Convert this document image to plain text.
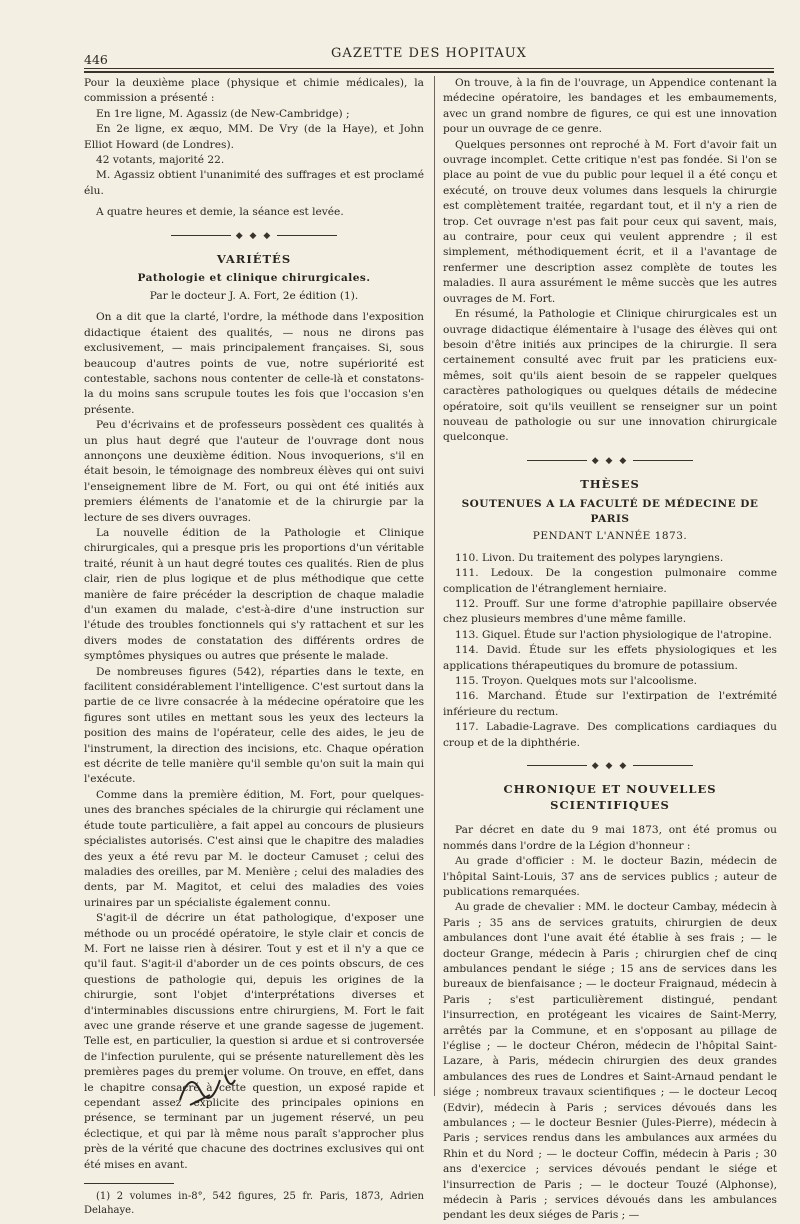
446	GAZETTE DES HOPITAUX

Pour la deuxième place (physique et chimie médicales), la commission a présenté :

En 1re ligne, M. Agassiz (de New-Cambridge) ;

En 2e ligne, ex æquo, MM. De Vry (de la Haye), et John Elliot Howard (de Londres).

42 votants, majorité 22.

M. Agassiz obtient l'unanimité des suffrages et est proclamé élu.

A quatre heures et demie, la séance est levée.

◆ ◆ ◆
VARIÉTÉS
Pathologie et clinique chirurgicales.

Par le docteur J. A. Fort, 2e édition (1).

On a dit que la clarté, l'ordre, la méthode dans l'exposition didactique étaient des qualités, — nous ne dirons pas exclusivement, — mais principalement françaises. Si, sous beaucoup d'autres points de vue, notre supériorité est contestable, sachons nous contenter de celle-là et constatons-la du moins sans scrupule toutes les fois que l'occasion s'en présente.

Peu d'écrivains et de professeurs possèdent ces qualités à un plus haut degré que l'auteur de l'ouvrage dont nous annonçons une deuxième édition. Nous invoquerions, s'il en était besoin, le témoignage des nombreux élèves qui ont suivi l'enseignement libre de M. Fort, ou qui ont été initiés aux premiers éléments de l'anatomie et de la chirurgie par la lecture de ses divers ouvrages.

La nouvelle édition de la Pathologie et Clinique chirurgicales, qui a presque pris les proportions d'un véritable traité, réunit à un haut degré toutes ces qualités. Rien de plus clair, rien de plus logique et de plus méthodique que cette manière de faire précéder la description de chaque maladie d'un examen du malade, c'est-à-dire d'une instruction sur l'étude des troubles fonctionnels qui s'y rattachent et sur les divers modes de constatation des différents ordres de symptômes physiques ou autres que présente le malade.

De nombreuses figures (542), réparties dans le texte, en facilitent considérablement l'intelligence. C'est surtout dans la partie de ce livre consacrée à la médecine opératoire que les figures sont utiles en mettant sous les yeux des lecteurs la position des mains de l'opérateur, celle des aides, le jeu de l'instrument, la direction des incisions, etc. Chaque opération est décrite de telle manière qu'il semble qu'on suit la main qui l'exécute.

Comme dans la première édition, M. Fort, pour quelques-unes des branches spéciales de la chirurgie qui réclament une étude toute particulière, a fait appel au concours de plusieurs spécialistes autorisés. C'est ainsi que le chapitre des maladies des yeux a été revu par M. le docteur Camuset ; celui des maladies des oreilles, par M. Menière ; celui des maladies des dents, par M. Magitot, et celui des maladies des voies urinaires par un spécialiste également connu.

S'agit-il de décrire un état pathologique, d'exposer une méthode ou un procédé opératoire, le style clair et concis de M. Fort ne laisse rien à désirer. Tout y est et il n'y a que ce qu'il faut. S'agit-il d'aborder un de ces points obscurs, de ces questions de pathologie qui, depuis les origines de la chirurgie, sont l'objet d'interprétations diverses et d'interminables discussions entre chirurgiens, M. Fort le fait avec une grande réserve et une grande sagesse de jugement. Telle est, en particulier, la question si ardue et si controversée de l'infection purulente, qui se présente naturellement dès les premières pages du premier volume. On trouve, en effet, dans le chapitre consacré à cette question, un exposé rapide et cependant assez explicite des principales opinions en présence, se terminant par un jugement réservé, un peu éclectique, et qui par là même nous paraît s'approcher plus près de la vérité que chacune des doctrines exclusives qui ont été mises en avant.

(1) 2 volumes in-8°, 542 figures, 25 fr. Paris, 1873, Adrien Delahaye.

On trouve, à la fin de l'ouvrage, un Appendice contenant la médecine opératoire, les bandages et les embaumements, avec un grand nombre de figures, ce qui est une innovation pour un ouvrage de ce genre.

Quelques personnes ont reproché à M. Fort d'avoir fait un ouvrage incomplet. Cette critique n'est pas fondée. Si l'on se place au point de vue du public pour lequel il a été conçu et exécuté, on trouve deux volumes dans lesquels la chirurgie est complètement traitée, regardant tout, et il n'y a rien de trop. Cet ouvrage n'est pas fait pour ceux qui savent, mais, au contraire, pour ceux qui veulent apprendre ; il est simplement, méthodiquement écrit, et il a l'avantage de renfermer une description assez complète de toutes les maladies. Il aura assurément le même succès que les autres ouvrages de M. Fort.

En résumé, la Pathologie et Clinique chirurgicales est un ouvrage didactique élémentaire à l'usage des élèves qui ont besoin d'être initiés aux principes de la chirurgie. Il sera certainement consulté avec fruit par les praticiens eux-mêmes, soit qu'ils aient besoin de se rappeler quelques caractères pathologiques ou quelques détails de médecine opératoire, soit qu'ils veuillent se renseigner sur un point nouveau de pathologie ou sur une innovation chirurgicale quelconque.

◆ ◆ ◆
THÈSES
SOUTENUES A LA FACULTÉ DE MÉDECINE DE PARIS
PENDANT L'ANNÉE 1873.

110. Livon. Du traitement des polypes laryngiens.

111. Ledoux. De la congestion pulmonaire comme complication de l'étranglement herniaire.

112. Prouff. Sur une forme d'atrophie papillaire observée chez plusieurs membres d'une même famille.

113. Giquel. Étude sur l'action physiologique de l'atropine.

114. David. Étude sur les effets physiologiques et les applications thérapeutiques du bromure de potassium.

115. Troyon. Quelques mots sur l'alcoolisme.

116. Marchand. Étude sur l'extirpation de l'extrémité inférieure du rectum.

117. Labadie-Lagrave. Des complications cardiaques du croup et de la diphthérie.

◆ ◆ ◆
CHRONIQUE ET NOUVELLES SCIENTIFIQUES

Par décret en date du 9 mai 1873, ont été promus ou nommés dans l'ordre de la Légion d'honneur :

Au grade d'officier : M. le docteur Bazin, médecin de l'hôpital Saint-Louis, 37 ans de services publics ; auteur de publications remarquées.

Au grade de chevalier : MM. le docteur Cambay, médecin à Paris ; 35 ans de services gratuits, chirurgien de deux ambulances dont l'une avait été établie à ses frais ; — le docteur Grange, médecin à Paris ; chirurgien chef de cinq ambulances pendant le siége ; 15 ans de services dans les bureaux de bienfaisance ; — le docteur Fraignaud, médecin à Paris ; s'est particulièrement distingué, pendant l'insurrection, en protégeant les vicaires de Saint-Merry, arrêtés par la Commune, et en s'opposant au pillage de l'église ; — le docteur Chéron, médecin de l'hôpital Saint-Lazare, à Paris, médecin chirurgien des deux grandes ambulances des rues de Londres et Saint-Arnaud pendant le siége ; nombreux travaux scientifiques ; — le docteur Lecoq (Edvir), médecin à Paris ; services dévoués dans les ambulances ; — le docteur Besnier (Jules-Pierre), médecin à Paris ; services rendus dans les ambulances aux armées du Rhin et du Nord ; — le docteur Coffin, médecin à Paris ; 30 ans d'exercice ; services dévoués pendant le siége et l'insurrection de Paris ; — le docteur Touzé (Alphonse), médecin à Paris ; services dévoués dans les ambulances pendant les deux siéges de Paris ; —
